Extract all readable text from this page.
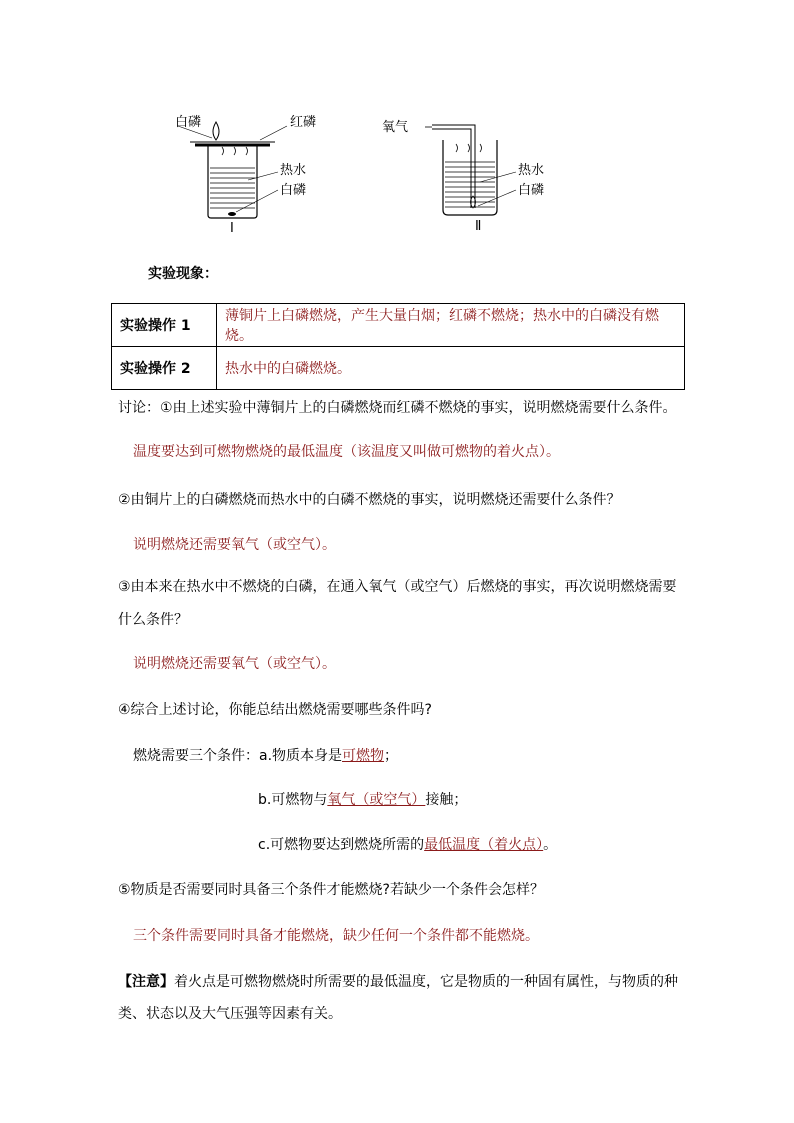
白磷	红磷
热水
白磷
Ⅰ
氧气
热水
白磷
Ⅱ
实验现象：
实验操作 1	薄铜片上白磷燃烧，产生大量白烟；红磷不燃烧；热水中的白磷没有燃烧。
实验操作 2	热水中的白磷燃烧。
讨论：①由上述实验中薄铜片上的白磷燃烧而红磷不燃烧的事实，说明燃烧需要什么条件。
温度要达到可燃物燃烧的最低温度（该温度又叫做可燃物的着火点）。
②由铜片上的白磷燃烧而热水中的白磷不燃烧的事实，说明燃烧还需要什么条件？
说明燃烧还需要氧气（或空气）。
③由本来在热水中不燃烧的白磷，在通入氧气（或空气）后燃烧的事实，再次说明燃烧需要
什么条件？
说明燃烧还需要氧气（或空气）。
④综合上述讨论，你能总结出燃烧需要哪些条件吗?
燃烧需要三个条件：a.物质本身是可燃物；
b.可燃物与氧气（或空气）接触；
c.可燃物要达到燃烧所需的最低温度（着火点）。
⑤物质是否需要同时具备三个条件才能燃烧?若缺少一个条件会怎样？
三个条件需要同时具备才能燃烧，缺少任何一个条件都不能燃烧。
【注意】着火点是可燃物燃烧时所需要的最低温度，它是物质的一种固有属性，与物质的种
类、状态以及大气压强等因素有关。
